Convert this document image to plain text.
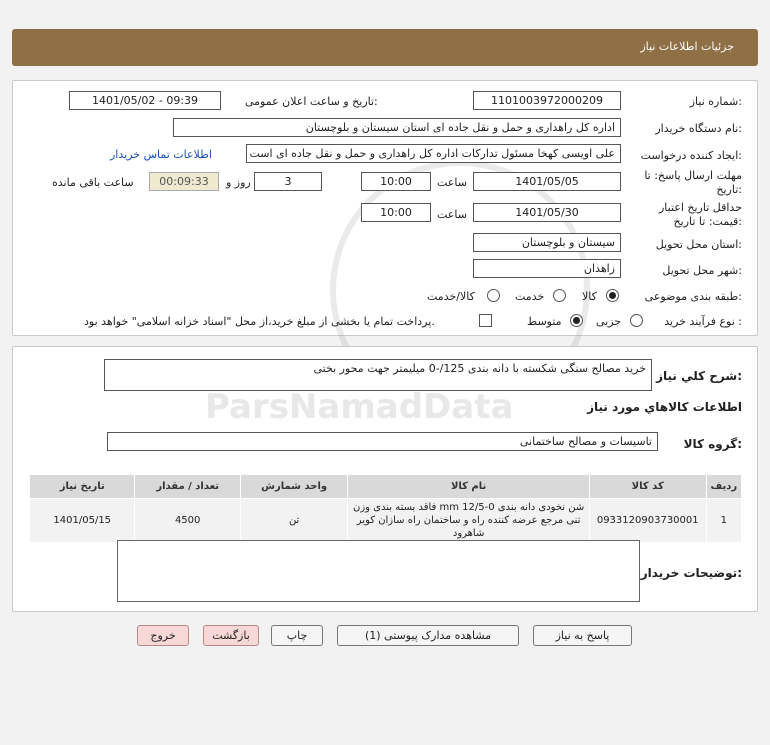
جزئیات اطلاعات نیاز
شماره نیاز:
1101003972000209
تاریخ و ساعت اعلان عمومی:
1401/05/02 - 09:39
نام دستگاه خریدار:
اداره کل راهداری و حمل و نقل جاده ای استان سیستان و بلوچستان
ایجاد کننده درخواست:
علی اویسی کهخا مسئول تدارکات اداره کل راهداری و حمل و نقل جاده ای است
اطلاعات تماس خریدار
مهلت ارسال پاسخ: تا
تاریخ:
1401/05/05
ساعت
10:00
3
روز و
00:09:33
ساعت باقی مانده
حداقل تاریخ اعتبار
قیمت: تا تاریخ:
1401/05/30
ساعت
10:00
استان محل تحویل:
سیستان و بلوچستان
شهر محل تحویل:
زاهدان
طبقه بندی موضوعی:
کالا
خدمت
کالا/خدمت
نوع فرآیند خرید :
جزیی
متوسط
پرداخت تمام یا بخشی از مبلغ خرید،از محل "اسناد خزانه اسلامی" خواهد بود.
شرح کلي نياز:
خرید مصالح سنگی شکسته با دانه بندی 125/-0 میلیمتر جهت محور بختی
ParsNamadData	اطلاعات کالاهاي مورد نياز
گروه کالا:
تاسیسات و مصالح ساختمانی
ردیف	کد کالا	نام کالا	واحد شمارش	تعداد / مقدار	تاریخ نیاز
1	0933120903730001	شن نخودی دانه بندی mm 12/5-0 فاقد بسته بندی وزن تنی مرجع عرضه کننده راه و ساختمان راه سازان کویر شاهرود	تن	4500	1401/05/15
توضیحات خریدار:
پاسخ به نیاز
مشاهده مدارک پیوستی (1)
چاپ
بازگشت
خروج
